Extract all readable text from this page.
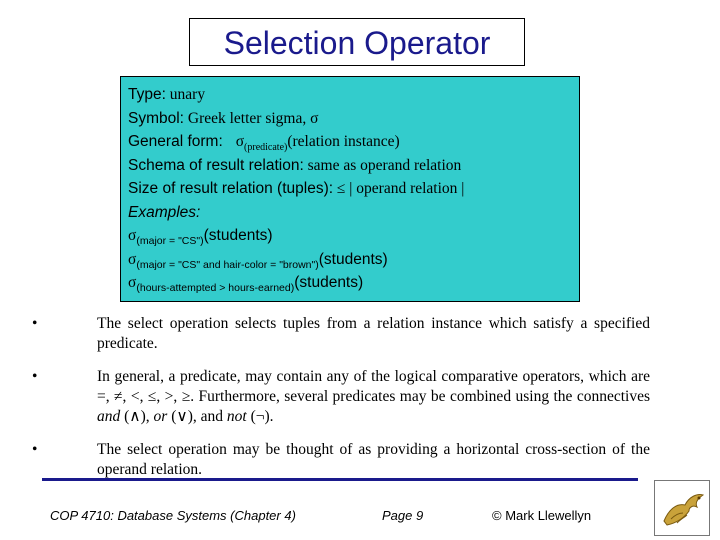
Selection Operator
Type: unary
Symbol: Greek letter sigma, σ
General form:   $\sigma_{(predicate)}(relation$ instance)
Schema of result relation: same as operand relation
Size of result relation (tuples): ≤ | operand relation |
Examples:
$\sigma_{(major = "CS")}(students)$
$\sigma_{(major = "CS" and hair-color = "brown")}(students)$
$\sigma_{(hours-attempted > hours-earned)}(students)$
•	The select operation selects tuples from a relation instance which satisfy a specified predicate.
•	In general, a predicate, may contain any of the logical comparative operators, which are =, ≠, <, ≤, >, ≥. Furthermore, several predicates may be combined using the connectives and (∧), or (∨), and not (¬).
•	The select operation may be thought of as providing a horizontal cross-section of the operand relation.
COP 4710: Database Systems (Chapter 4)	Page 9	© Mark Llewellyn
